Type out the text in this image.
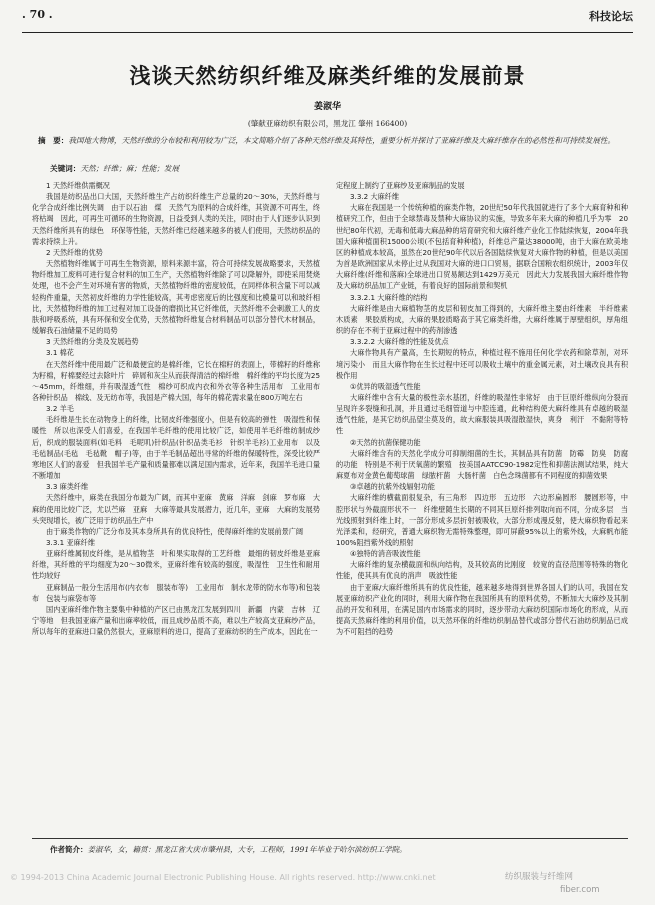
. 70 .	科技论坛
浅谈天然纺织纤维及麻类纤维的发展前景
姜淑华
(肇献亚麻纺织有限公司，黑龙江 肇州 166400)
摘　要：我国地大物博，天然纤维的分布较和利用较为广泛，本文简略介绍了各种天然纤维及其特性，重要分析并探讨了亚麻纤维及大麻纤维存在的必然性和可持续发展性。
关键词：天然；纤维；麻；性能；发展

1 天然纤维供需概况

我国是纺织品出口大国，天然纤维生产占纺织纤维生产总量的20～30%，天然纤维与化学合成纤维比例失调　由于以石油　煤　天然气为原料的合成纤维，其资源不可再生，终将枯竭　因此，可再生可循环的生物资源，日益受到人类的关注，同时由于人们逐步认识到天然纤维所具有的绿色　环保等性能，天然纤维已经越来越多的被人们使用，天然纺织品的需求持续上升。

2 天然纤维的优势

天然植物纤维属于可再生生物资源，原料来源丰富，符合可持续发展战略要求，天然植物纤维加工废料可进行复合材料的加工生产，天然植物纤维除了可以降解外，即使采用焚烧处理，也不会产生对环境有害的物质，天然植物纤维的密度较低，在同样体积含量下可以减轻构件重量，天然初皮纤维的力学性能较高，其考虑密度后的比强度和比模量可以和玻纤相比，天然植物纤维的加工过程对加工设备的磨损比其它纤维低，天然纤维不会刺激工人的皮肤和呼吸系统，具有环保和安全优势，天然植物纤维复合材料制品可以部分替代木材制品，缓解我石油储量不足的局势

3 天然纤维的分类及发展趋势

3.1 棉花

在天然纤维中使用最广泛和最便宜的是棉纤维，它长在棉籽的表面上，带棉籽的纤维称为籽棉，籽棉要经过去除叶片　碎屑和灰尘从而获得清洁的棉纤维　棉纤维的平均长度为25～45mm，纤维细，并有吸湿透气性　棉纱可织成内衣和外衣等各种生活用布　工业用布　各种针织品　棉线、及无纺布等，我国是产棉大国，每年的棉花需求量在800万吨左右

3.2 羊毛

毛纤维是生长在动物身上的纤维，比韧皮纤维强度小，但是有较高的弹性　吸湿性和保暖性　所以也深受人们喜爱，在我国羊毛纤维的使用比较广泛，如使用羊毛纤维纺制成纱后，织成的服装面料(如毛料　毛呢叽)针织品(针织品类毛衫　针织羊毛衫)工业用布　以及毛毡制品(毛毡　毛毡靴　帽子)等，由于羊毛制品超出寻常的纤维的保暖特性，深受比较严寒地区人们的喜爱　但我国羊毛产量和质量都难以满足国内需求，近年来，我国羊毛进口量不断增加

3.3 麻类纤维

天然纤维中，麻类在我国分布最为广阔，而其中亚麻　黄麻　洋麻　剑麻　罗布麻　大麻的使用比较广泛，尤以苎麻　亚麻　大麻等最具发展潜力，近几年，亚麻　大麻的发展势头突现增长，被广泛用于纺织品生产中

由于麻类作物的广泛分布及其本身所具有的优良特性，使得麻纤维的发展前景广阔

3.3.1 亚麻纤维

亚麻纤维属韧皮纤维，是从植物茎　叶和果实取得的工艺纤维　最细的韧皮纤维是亚麻纤维，其纤维的平均细度为20～30微米，亚麻纤维有较高的强度，吸湿性　卫生性和耐用性均较好

亚麻制品一般分生活用布(内衣布　服装布等)　工业用布　制水龙带的防水布等)和包装布　包装与麻袋布等

国内亚麻纤维作物主要集中种植的产区已由黑龙江发展到四川　新疆　内蒙　吉林　辽宁等地　但我国亚麻产量和出麻率较低，而且成纱品质不高，难以生产较高支亚麻纱产品，所以每年的亚麻进口量仍然很大，亚麻原料的进口，提高了亚麻纺织的生产成本，因此在一

定程度上制约了亚麻纱及亚麻制品的发展

3.3.2 大麻纤维

大麻在我国是一个传统种植的麻类作物，20世纪50年代我国就进行了多个大麻育种和种植研究工作，但由于全球禁毒及禁种大麻协议的实施，导致多年来大麻的种植几乎为零　20世纪80年代初，无毒和低毒大麻品种的培育研究和大麻纤维产业化工作陆续恢复，2004年我国大麻种植面积15000公顷(不包括育种种植)，纤维总产量达38000吨，由于大麻在欧美地区的种植成本较高，虽然在20世纪90年代以后各国陆续恢复对大麻作物的种植，但是以美国为首是欧洲国家从未停止过从我国对大麻的进口口贸易，据联合国粮农组织统计，2003年仅大麻纤维(纤维和落麻)全球进出口贸易额达到1429万美元　因此大力发展我国大麻纤维作物及大麻纺织品加工产业链，有着良好的国际前景和契机

3.3.2.1 大麻纤维的结构

大麻纤维是由大麻植物茎的皮层和韧皮加工得到的，大麻纤维主要由纤维素　半纤维素　木质素　果胶质构成，大麻的果胶质略高于其它麻类纤维，大麻纤维属于厚壁组织，厚角组织的存在不利于亚麻过程中的药剂渗透

3.3.2.2 大麻纤维的性能及优点

大麻作物具有产量高，生长期短的特点，种植过程不施用任何化学农药和除草剂，对环境污染小　而且大麻作物在生长过程中还可以吸收土壤中的重金属元素，对土壤改良具有积极作用

①优异的吸湿透气性能

大麻纤维中含有大量的极性亲水基团，纤维的吸湿性非常好　由于巨原纤维纵向分裂而呈现许多裂缝和孔洞，并且通过毛细管道与中腔连通，此种结构使大麻纤维具有卓越的吸湿透气性能，是其它纺织品望尘莫及的，故大麻服装具吸湿散湿快，爽身　利汗　不黏附等特性

②天然的抗菌保健功能

大麻纤维含有的天然化学成分可抑制细菌的生长，其制品具有防菌　防霉　防臭　防腐的功能　特别是不利于厌氧菌的繁殖　按美国AATCC90-1982定性和抑菌法测试结果，纯大麻夏布对金黄色葡萄球菌　绿脓杆菌　大肠杆菌　白色念珠菌都有不同程度的抑菌效果

③卓越的抗紫外线辐射功能

大麻纤维的横截面很复杂，有三角形　四边形　五边形　六边形扁圆形　腰圆形等，中腔形状与外截面形状不一　纤维壁随生长期的不同其巨原纤排列取向而不同，分成多层　当光线照射到纤维上时，一部分形成多层折射被吸收，大部分形成漫反射，使大麻织物看起来光泽柔和，经研究，普通大麻织物无需特殊整理，即可屏蔽95%以上的紫外线，大麻帆布能100%阻挡紫外线的照射

④独特的消音吸波性能

大麻纤维的复杂横截面和纵向结构，及其较高的比刚度　较宽的直径范围等特殊的物化性能，使其具有优良的消声　吸波性能

由于亚麻/大麻纤维所具有的优良性能，越来越多地得到世界各国人们的认可，我国在发展亚麻纺织产业化的同时，利用大麻作物在我国所具有的原料优势，不断加大大麻纱及其制品的开发和利用，在满足国内市场需求的同时，逐步带动大麻纺织国际市场化的形成，从而提高天然麻纤维的利用价值，以天然环保的纤维纺织制品替代或部分替代石油纺织制品已成为不可阻挡的趋势

作者简介：姜淑华，女，籍贯：黑龙江省大庆市肇州县，大专，工程师，1991年毕业于哈尔滨纺织工学院。
© 1994-2013 China Academic Journal Electronic Publishing House. All rights reserved. http://www.cnki.net	纺织服装与纤维网
fiber.com
